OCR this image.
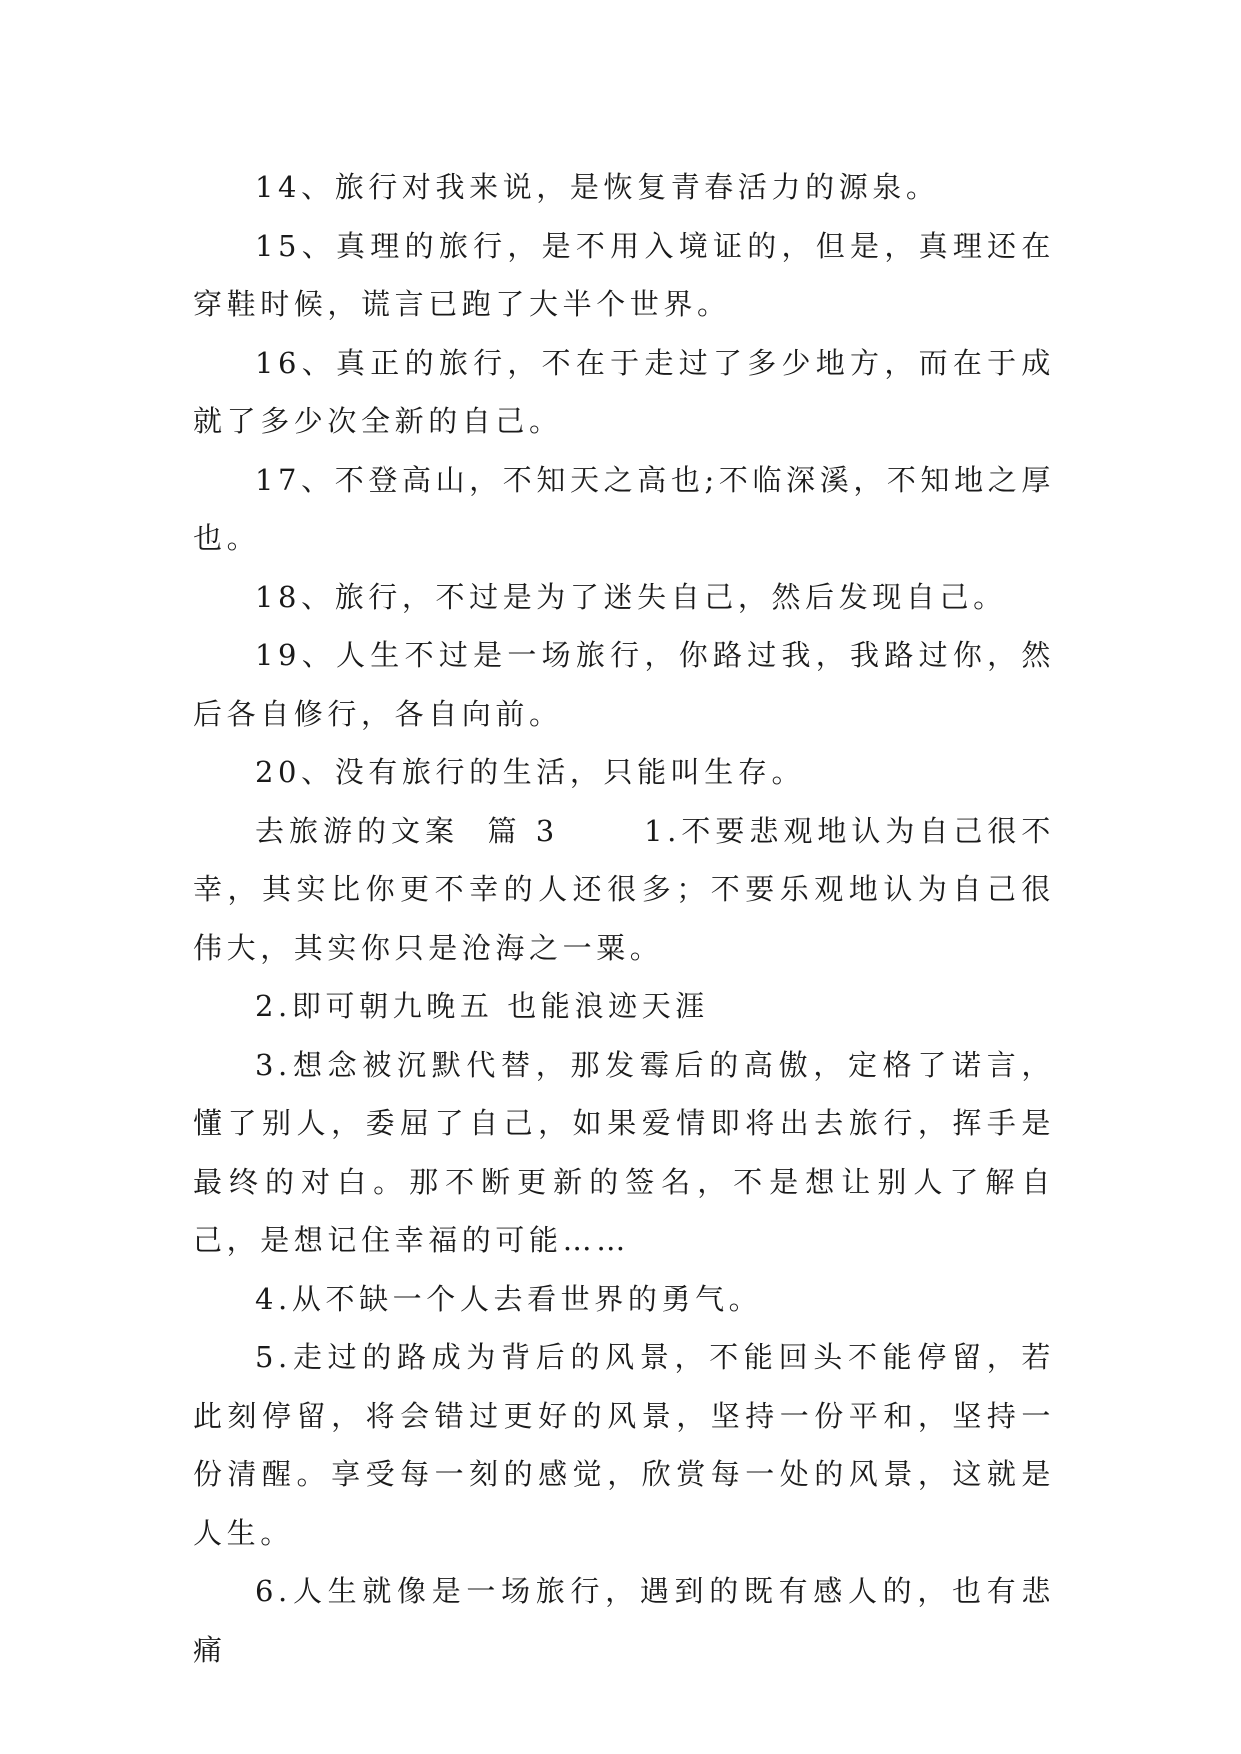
14、旅行对我来说，是恢复青春活力的源泉。

15、真理的旅行，是不用入境证的，但是，真理还在穿鞋时候，谎言已跑了大半个世界。

16、真正的旅行，不在于走过了多少地方，而在于成就了多少次全新的自己。

17、不登高山，不知天之高也;不临深溪，不知地之厚也。

18、旅行，不过是为了迷失自己，然后发现自己。

19、人生不过是一场旅行，你路过我，我路过你，然后各自修行，各自向前。

20、没有旅行的生活，只能叫生存。

去旅游的文案  篇 3      1.不要悲观地认为自己很不幸，其实比你更不幸的人还很多；不要乐观地认为自己很伟大，其实你只是沧海之一粟。

2.即可朝九晚五 也能浪迹天涯

3.想念被沉默代替，那发霉后的高傲，定格了诺言，懂了别人，委屈了自己，如果爱情即将出去旅行，挥手是最终的对白。那不断更新的签名，不是想让别人了解自己，是想记住幸福的可能……

4.从不缺一个人去看世界的勇气。

5.走过的路成为背后的风景，不能回头不能停留，若此刻停留，将会错过更好的风景，坚持一份平和，坚持一份清醒。享受每一刻的感觉，欣赏每一处的风景，这就是人生。

6.人生就像是一场旅行，遇到的既有感人的，也有悲痛
